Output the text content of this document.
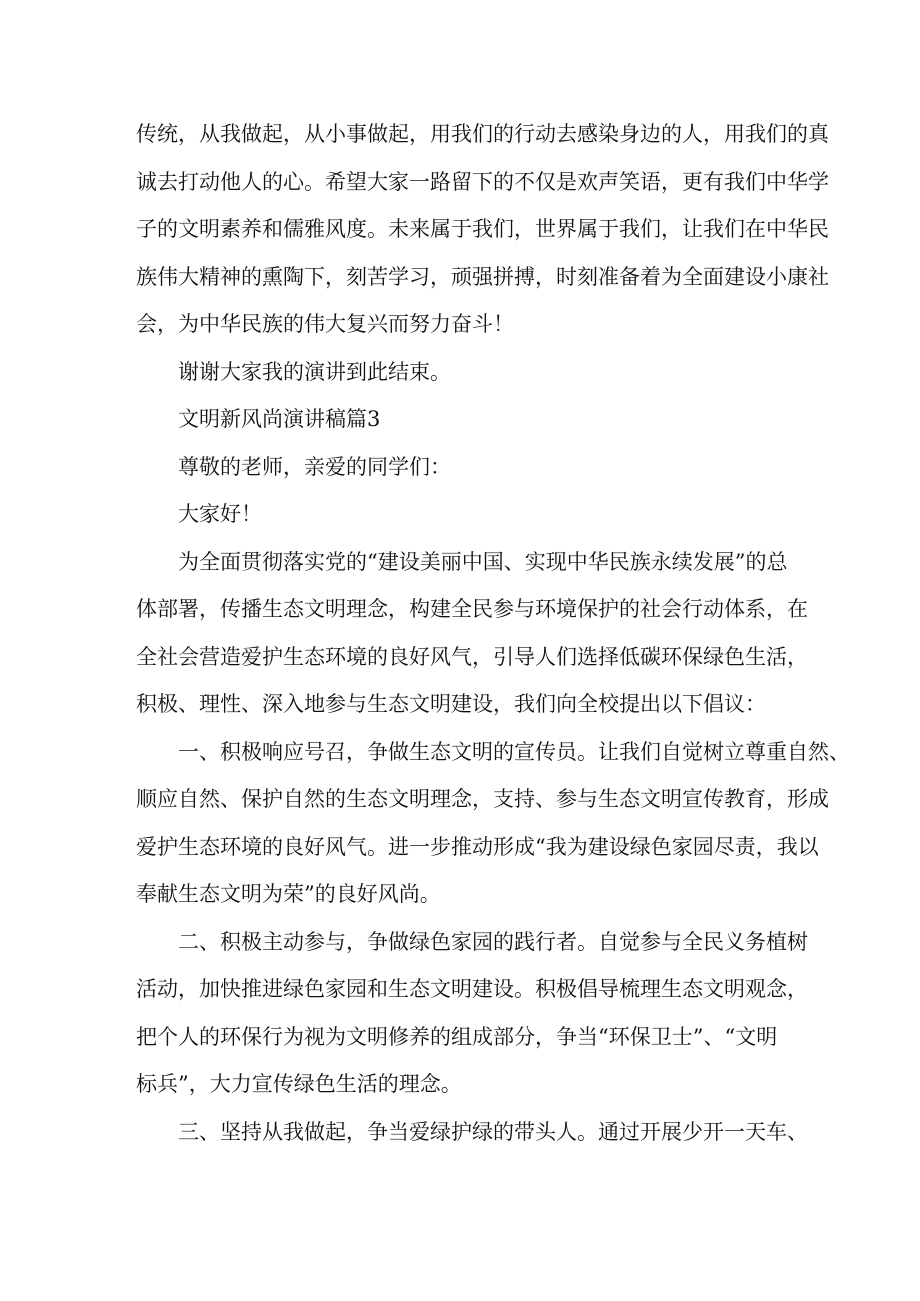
传统，从我做起，从小事做起，用我们的行动去感染身边的人，用我们的真
诚去打动他人的心。希望大家一路留下的不仅是欢声笑语，更有我们中华学
子的文明素养和儒雅风度。未来属于我们，世界属于我们，让我们在中华民
族伟大精神的熏陶下，刻苦学习，顽强拼搏，时刻准备着为全面建设小康社
会，为中华民族的伟大复兴而努力奋斗！
谢谢大家我的演讲到此结束。
文明新风尚演讲稿篇3
尊敬的老师，亲爱的同学们：
大家好！
为全面贯彻落实党的“建设美丽中国、实现中华民族永续发展”的总
体部署，传播生态文明理念，构建全民参与环境保护的社会行动体系，在
全社会营造爱护生态环境的良好风气，引导人们选择低碳环保绿色生活，
积极、理性、深入地参与生态文明建设，我们向全校提出以下倡议：
一、积极响应号召，争做生态文明的宣传员。让我们自觉树立尊重自然、
顺应自然、保护自然的生态文明理念，支持、参与生态文明宣传教育，形成
爱护生态环境的良好风气。进一步推动形成“我为建设绿色家园尽责，我以
奉献生态文明为荣”的良好风尚。
二、积极主动参与，争做绿色家园的践行者。自觉参与全民义务植树
活动，加快推进绿色家园和生态文明建设。积极倡导梳理生态文明观念，
把个人的环保行为视为文明修养的组成部分，争当“环保卫士”、“文明
标兵”，大力宣传绿色生活的理念。
三、坚持从我做起，争当爱绿护绿的带头人。通过开展少开一天车、
